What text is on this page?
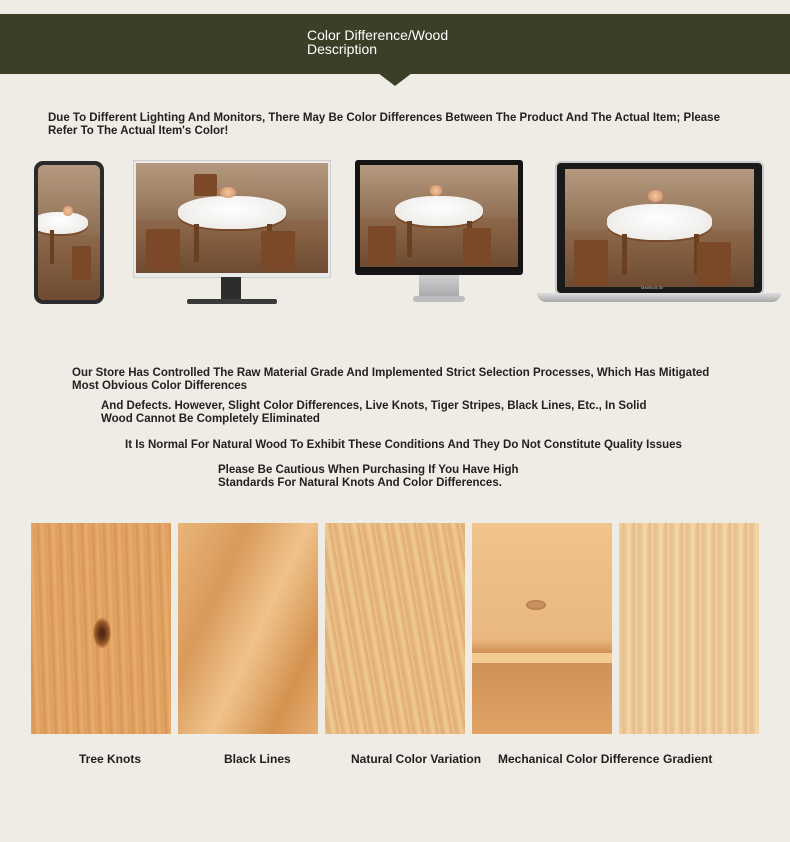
Color Difference/Wood Description
Due To Different Lighting And Monitors, There May Be Color Differences Between The Product And The Actual Item; Please Refer To The Actual Item's Color!
MacBook Air
Our Store Has Controlled The Raw Material Grade And Implemented Strict Selection Processes, Which Has Mitigated Most Obvious Color Differences
And Defects. However, Slight Color Differences, Live Knots, Tiger Stripes, Black Lines, Etc., In Solid Wood Cannot Be Completely Eliminated
It Is Normal For Natural Wood To Exhibit These Conditions And They Do Not Constitute Quality Issues
Please Be Cautious When Purchasing If You Have High Standards For Natural Knots And Color Differences.
Tree Knots	Black Lines	Natural Color Variation Mechanical Color Difference Gradient
